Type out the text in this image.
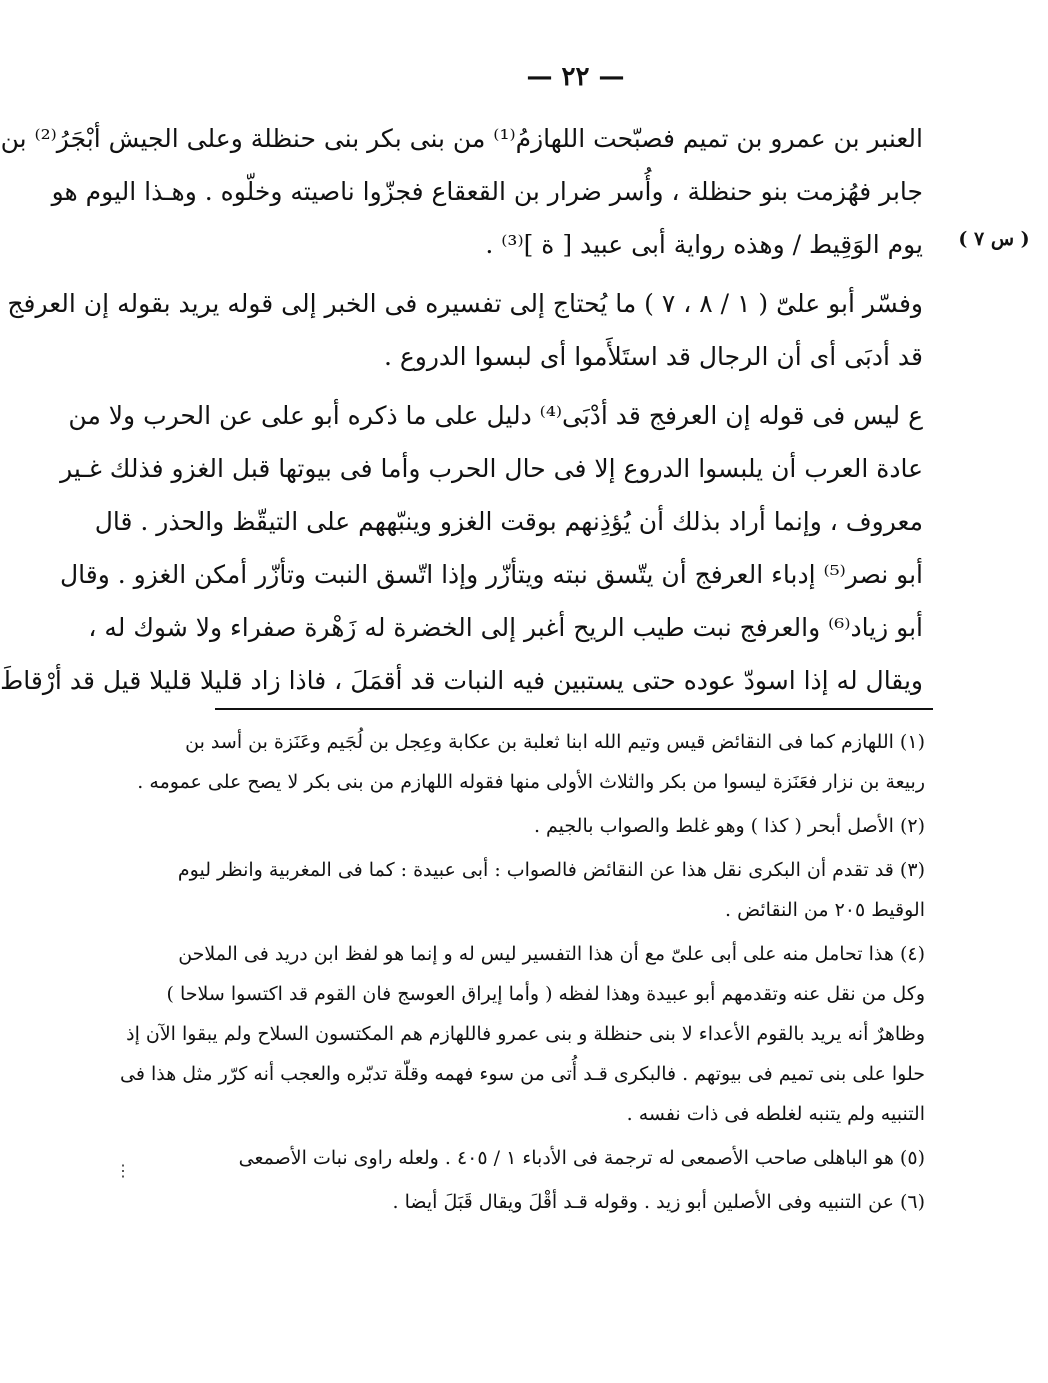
— ٢٢ —
( س ٧ )
العنبر بن عمرو بن تميم فصبّحت اللهازمُ⁽¹⁾ من بنى بكر بنى حنظلة وعلى الجيش أبْجَرُ⁽²⁾ بن
جابر فهُزمت بنو حنظلة ، وأُسر ضرار بن القعقاع فجزّوا ناصيته وخلّوه . وهـذا اليوم هو
يوم الوَقِيط / وهذه رواية أبى عبيد [ ة ]⁽³⁾ .
وفسّر أبو علىّ ( ١ / ٨ ، ٧ ) ما يُحتاج إلى تفسيره فى الخبر إلى قوله يريد بقوله إن العرفج
قد أدبَى أى أن الرجال قد استَلأَموا أى لبسوا الدروع .
ع ليس فى قوله إن العرفج قد أدْبَى⁽⁴⁾ دليل على ما ذكره أبو على عن الحرب ولا من
عادة العرب أن يلبسوا الدروع إلا فى حال الحرب وأما فى بيوتها قبل الغزو فذلك غـير
معروف ، وإنما أراد بذلك أن يُؤذِنهم بوقت الغزو وينبّههم على التيقّظ والحذر . قال
أبو نصر⁽⁵⁾ إدباء العرفج أن يتّسق نبته ويتأزّر وإذا اتّسق النبت وتأزّر أمكن الغزو . وقال
أبو زياد⁽⁶⁾ والعرفج نبت طيب الريح أغبر إلى الخضرة له زَهْرة صفراء ولا شوك له ،
ويقال له إذا اسودّ عوده حتى يستبين فيه النبات قد أقمَلَ ، فاذا زاد قليلا قليلا قيل قد أرْقاطَ
(١) اللهازم كما فى النقائض قيس وتيم الله ابنا ثعلبة بن عكابة وعِجل بن لُجَيم وعَنَزة بن أسد بن
ربيعة بن نزار فعَنَزة ليسوا من بكر والثلاث الأولى منها فقوله اللهازم من بنى بكر لا يصح على عمومه .
(٢) الأصل أبحر ( كذا ) وهو غلط والصواب بالجيم .
(٣) قد تقدم أن البكرى نقل هذا عن النقائض فالصواب : أبى عبيدة : كما فى المغربية وانظر ليوم
الوقيط ٢٠٥ من النقائض .
(٤) هذا تحامل منه على أبى علىّ مع أن هذا التفسير ليس له و إنما هو لفظ ابن دريد فى الملاحن
وكل من نقل عنه وتقدمهم أبو عبيدة وهذا لفظه ( وأما إيراق العوسج فان القوم قد اكتسوا سلاحا )
وظاهرٌ أنه يريد بالقوم الأعداء لا بنى حنظلة و بنى عمرو فاللهازم هم المكتسون السلاح ولم يبقوا الآن إذ
حلوا على بنى تميم فى بيوتهم . فالبكرى قـد أُتى من سوء فهمه وقلّة تدبّره والعجب أنه كرّر مثل هذا فى
التنبيه ولم يتنبه لغلطه فى ذات نفسه .
(٥) هو الباهلى صاحب الأصمعى له ترجمة فى الأدباء ١ / ٤٠٥ . ولعله راوى نبات الأصمعى
(٦) عن التنبيه وفى الأصلين أبو زيد . وقوله قـد أقْلَ ويقال قَبَلَ أيضا .
⋮
